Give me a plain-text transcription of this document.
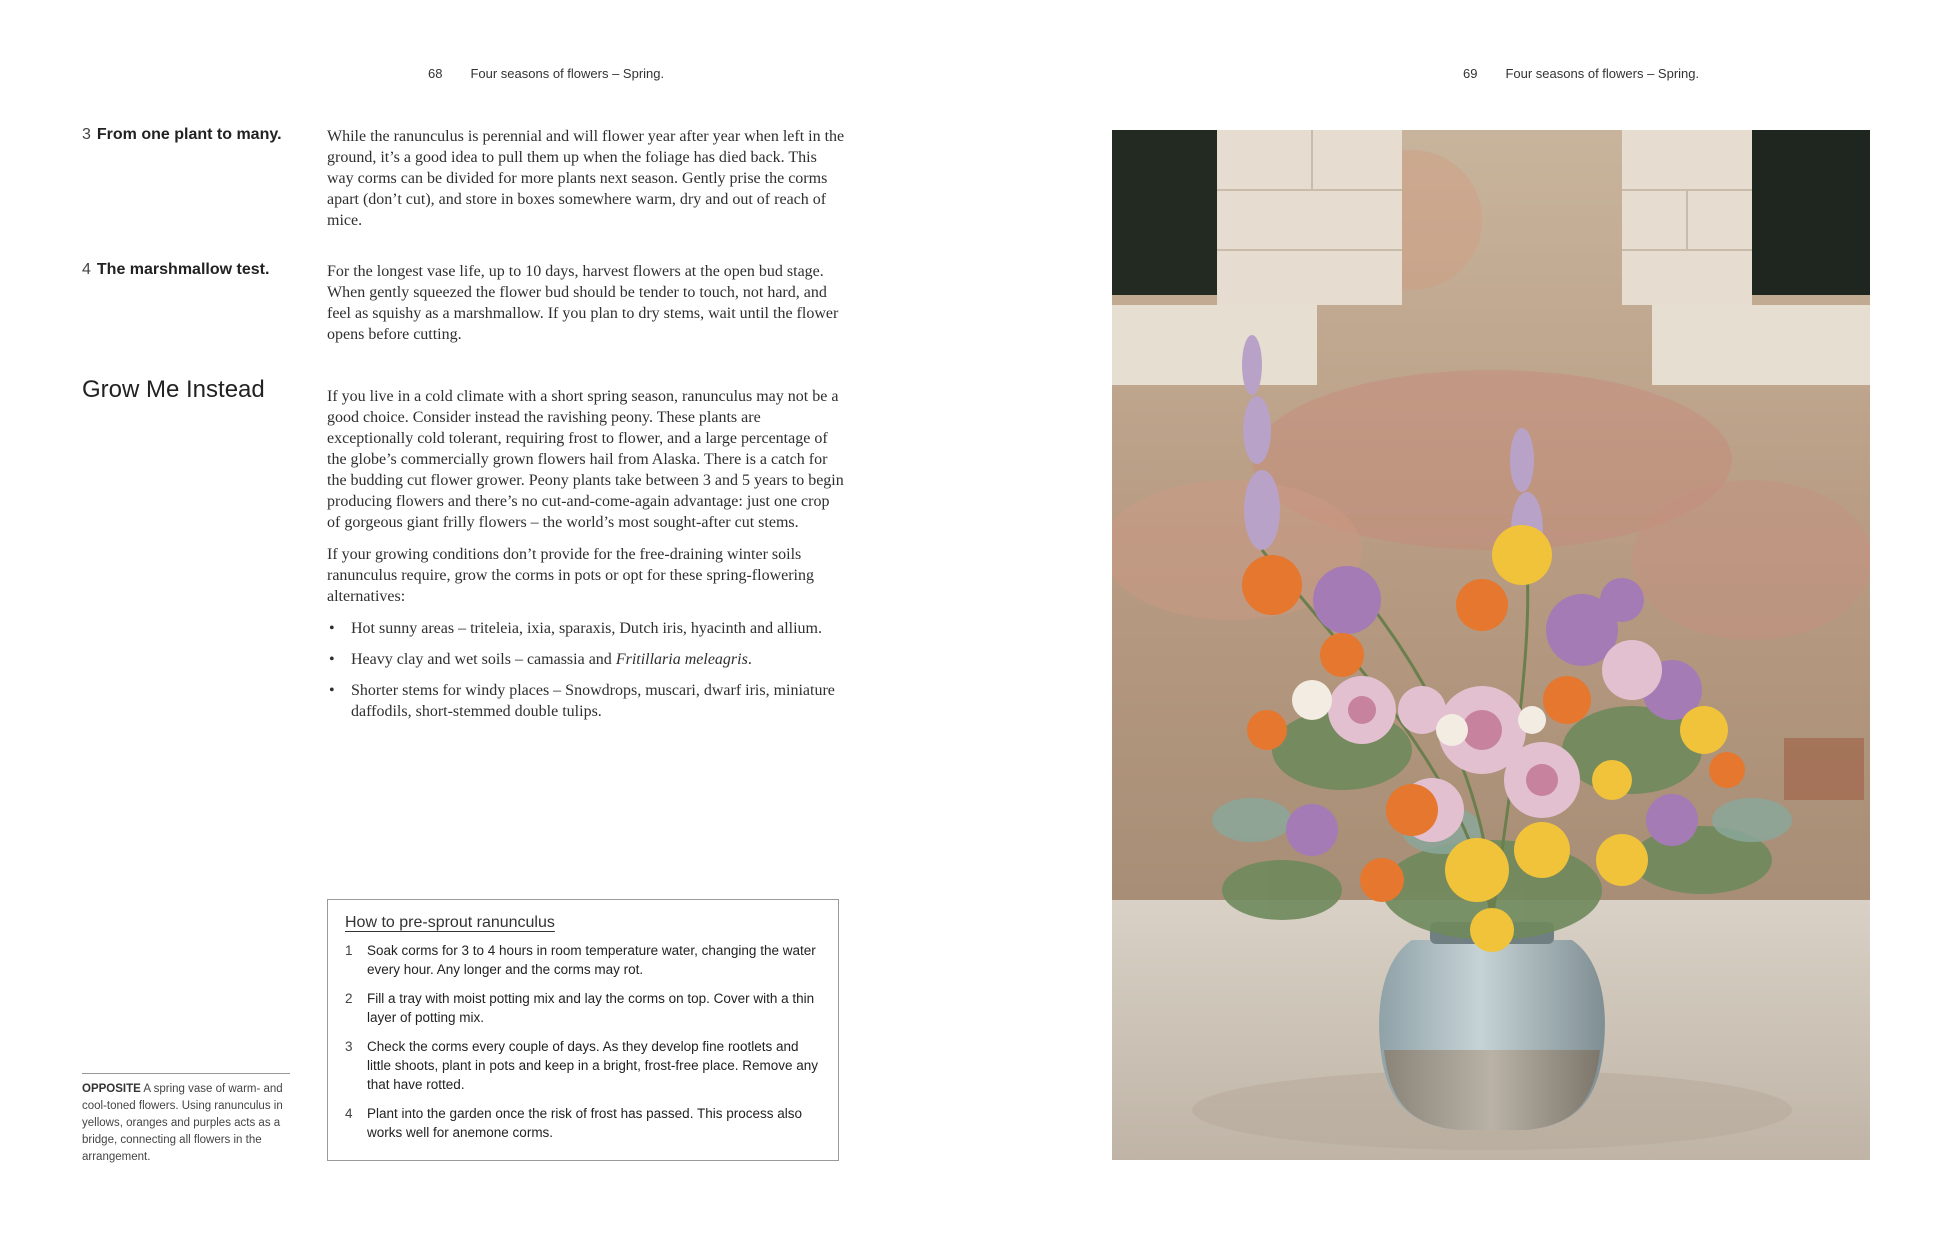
68 Four seasons of flowers – Spring.	69 Four seasons of flowers – Spring.
3 From one plant to many.	While the ranunculus is perennial and will flower year after year when left in the ground, it’s a good idea to pull them up when the foliage has died back. This way corms can be divided for more plants next season. Gently prise the corms apart (don’t cut), and store in boxes somewhere warm, dry and out of reach of mice.

4 The marshmallow test.	For the longest vase life, up to 10 days, harvest flowers at the open bud stage. When gently squeezed the flower bud should be tender to touch, not hard, and feel as squishy as a marshmallow. If you plan to dry stems, wait until the flower opens before cutting.

Grow Me Instead	If you live in a cold climate with a short spring season, ranunculus may not be a good choice. Consider instead the ravishing peony. These plants are exceptionally cold tolerant, requiring frost to flower, and a large percentage of the globe’s commercially grown flowers hail from Alaska. There is a catch for the budding cut flower grower. Peony plants take between 3 and 5 years to begin producing flowers and there’s no cut-and-come-again advantage: just one crop of gorgeous giant frilly flowers – the world’s most sought-after cut stems.

If your growing conditions don’t provide for the free-draining winter soils ranunculus require, grow the corms in pots or opt for these spring-flowering alternatives:

• Hot sunny areas – triteleia, ixia, sparaxis, Dutch iris, hyacinth and allium.
• Heavy clay and wet soils – camassia and Fritillaria meleagris.
• Shorter stems for windy places – Snowdrops, muscari, dwarf iris, miniature daffodils, short-stemmed double tulips.
How to pre-sprout ranunculus
1	Soak corms for 3 to 4 hours in room temperature water, changing the water every hour. Any longer and the corms may rot.
2	Fill a tray with moist potting mix and lay the corms on top. Cover with a thin layer of potting mix.
3	Check the corms every couple of days. As they develop fine rootlets and little shoots, plant in pots and keep in a bright, frost-free place. Remove any that have rotted.
4	Plant into the garden once the risk of frost has passed. This process also works well for anemone corms.
OPPOSITE A spring vase of warm- and cool-toned flowers. Using ranunculus in yellows, oranges and purples acts as a bridge, connecting all flowers in the arrangement.
